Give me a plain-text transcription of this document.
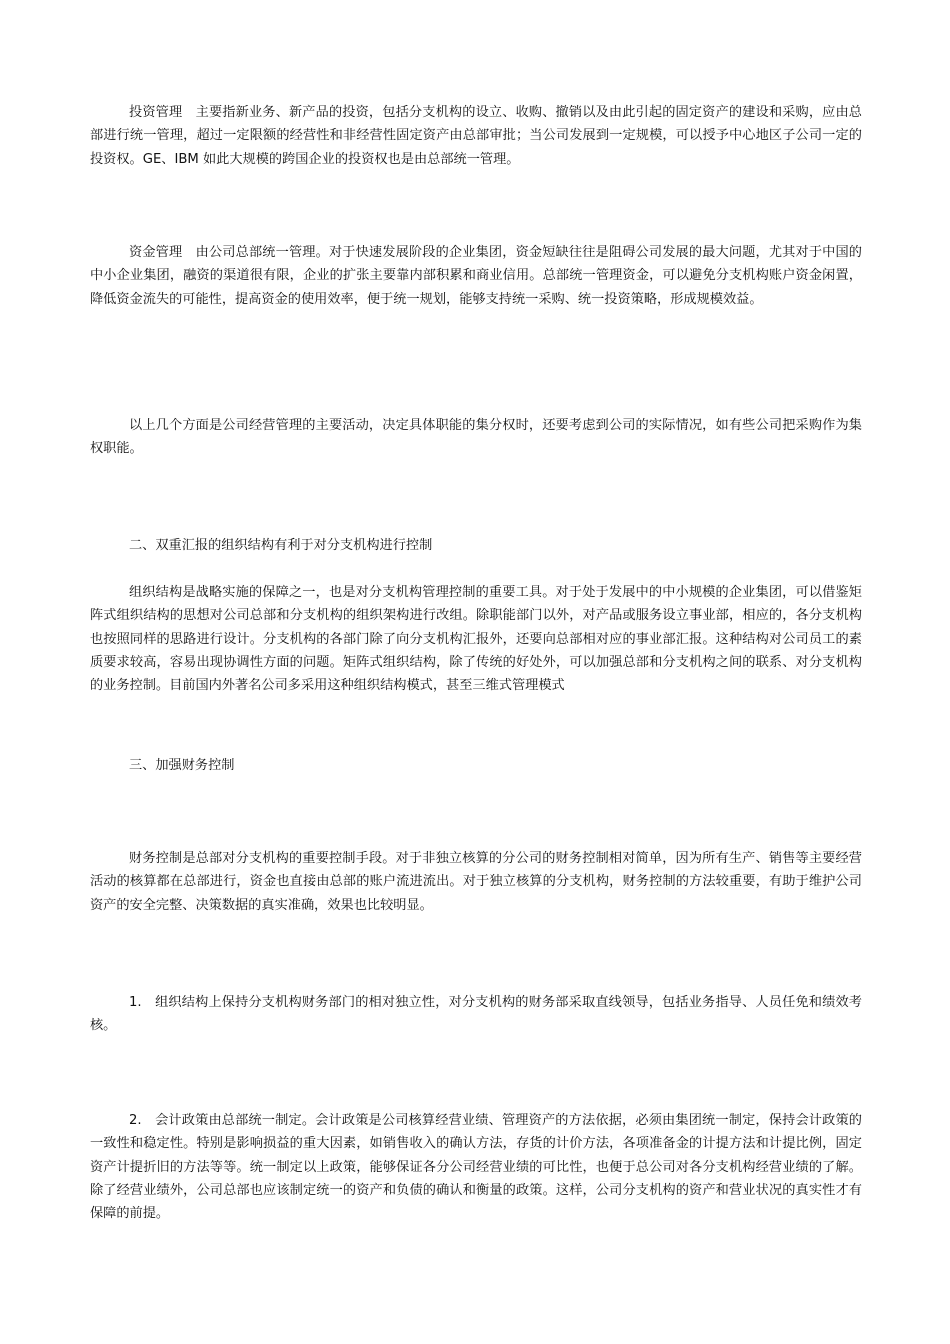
投资管理　主要指新业务、新产品的投资，包括分支机构的设立、收购、撤销以及由此引起的固定资产的建设和采购，应由总部进行统一管理，超过一定限额的经营性和非经营性固定资产由总部审批；当公司发展到一定规模，可以授予中心地区子公司一定的投资权。GE、IBM 如此大规模的跨国企业的投资权也是由总部统一管理。

资金管理　由公司总部统一管理。对于快速发展阶段的企业集团，资金短缺往往是阻碍公司发展的最大问题，尤其对于中国的中小企业集团，融资的渠道很有限，企业的扩张主要靠内部积累和商业信用。总部统一管理资金，可以避免分支机构账户资金闲置，降低资金流失的可能性，提高资金的使用效率，便于统一规划，能够支持统一采购、统一投资策略，形成规模效益。

以上几个方面是公司经营管理的主要活动，决定具体职能的集分权时，还要考虑到公司的实际情况，如有些公司把采购作为集权职能。

二、双重汇报的组织结构有利于对分支机构进行控制

组织结构是战略实施的保障之一，也是对分支机构管理控制的重要工具。对于处于发展中的中小规模的企业集团，可以借鉴矩阵式组织结构的思想对公司总部和分支机构的组织架构进行改组。除职能部门以外，对产品或服务设立事业部，相应的，各分支机构也按照同样的思路进行设计。分支机构的各部门除了向分支机构汇报外，还要向总部相对应的事业部汇报。这种结构对公司员工的素质要求较高，容易出现协调性方面的问题。矩阵式组织结构，除了传统的好处外，可以加强总部和分支机构之间的联系、对分支机构的业务控制。目前国内外著名公司多采用这种组织结构模式，甚至三维式管理模式

三、加强财务控制

财务控制是总部对分支机构的重要控制手段。对于非独立核算的分公司的财务控制相对简单，因为所有生产、销售等主要经营活动的核算都在总部进行，资金也直接由总部的账户流进流出。对于独立核算的分支机构，财务控制的方法较重要，有助于维护公司资产的安全完整、决策数据的真实准确，效果也比较明显。

1.　组织结构上保持分支机构财务部门的相对独立性，对分支机构的财务部采取直线领导，包括业务指导、人员任免和绩效考核。

2.　会计政策由总部统一制定。会计政策是公司核算经营业绩、管理资产的方法依据，必须由集团统一制定，保持会计政策的一致性和稳定性。特别是影响损益的重大因素，如销售收入的确认方法，存货的计价方法，各项准备金的计提方法和计提比例，固定资产计提折旧的方法等等。统一制定以上政策，能够保证各分公司经营业绩的可比性，也便于总公司对各分支机构经营业绩的了解。除了经营业绩外，公司总部也应该制定统一的资产和负债的确认和衡量的政策。这样，公司分支机构的资产和营业状况的真实性才有保障的前提。
